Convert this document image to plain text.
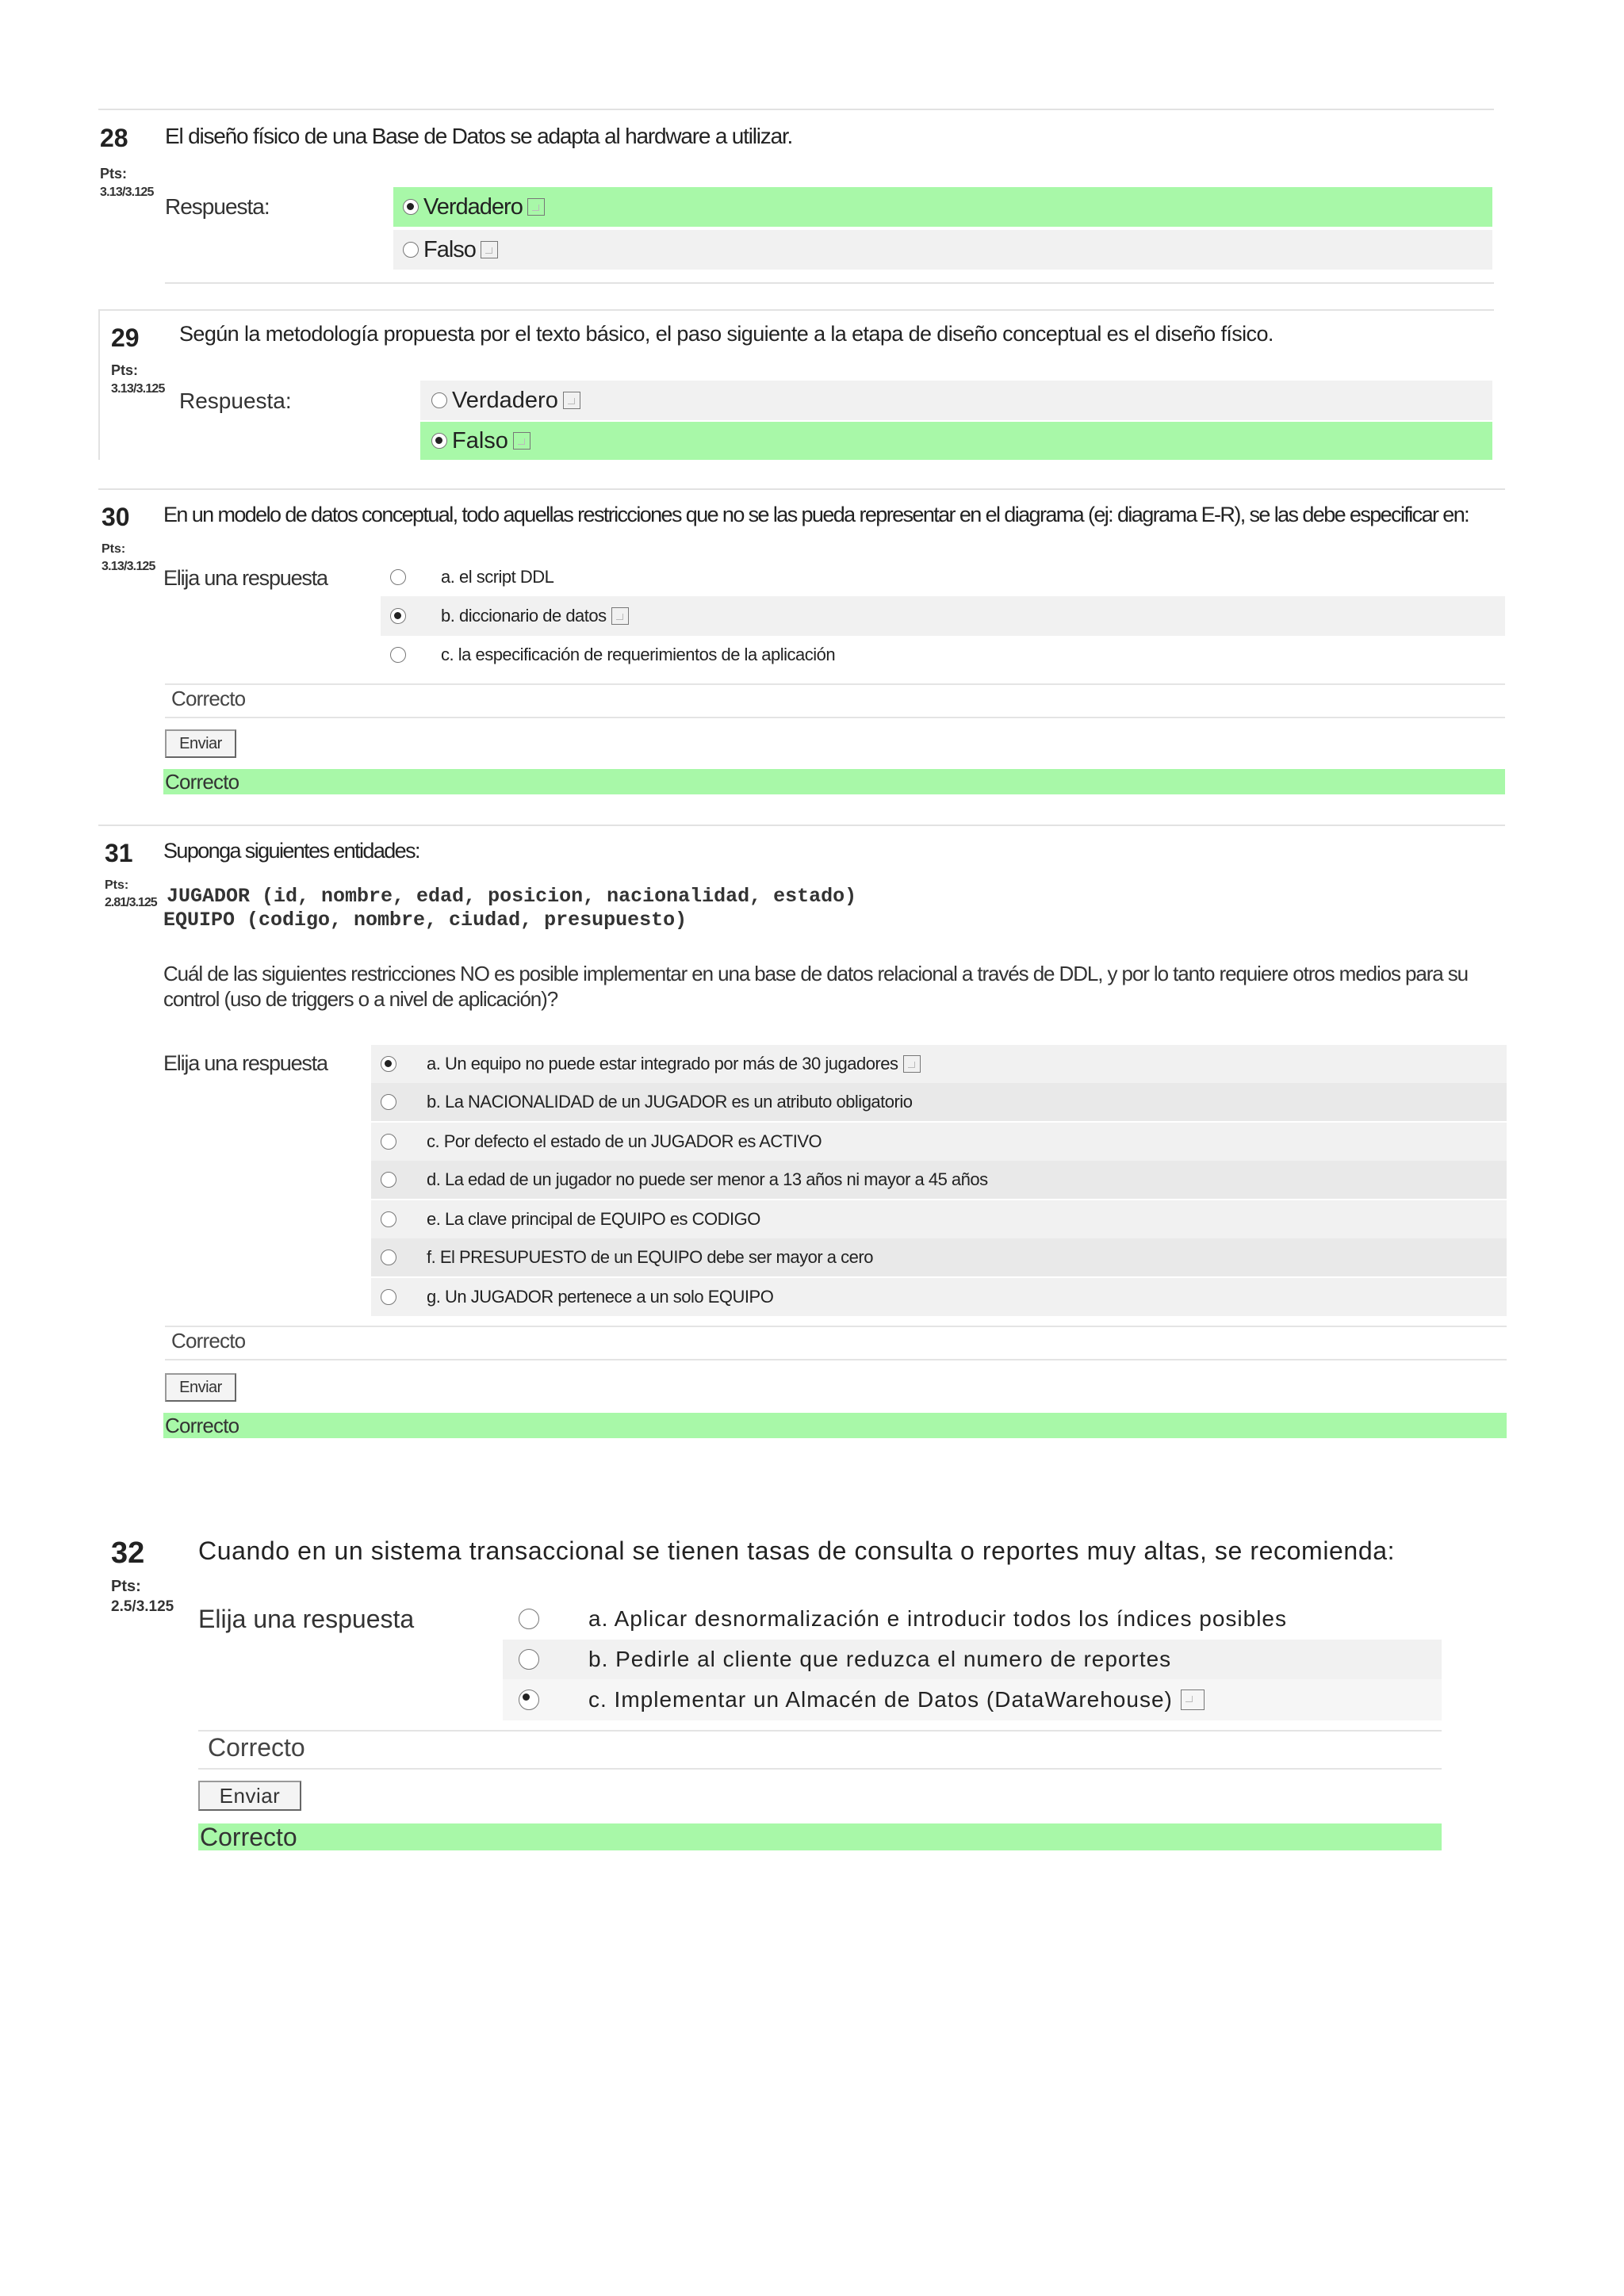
28 El diseño físico de una Base de Datos se adapta al hardware a utilizar.
Pts:
3.13/3.125
Respuesta:	Verdadero
Falso
29 Según la metodología propuesta por el texto básico, el paso siguiente a la etapa de diseño conceptual es el diseño físico.
Pts:
3.13/3.125 Respuesta:	Verdadero
Falso
30 En un modelo de datos conceptual, todo aquellas restricciones que no se las pueda representar en el diagrama (ej: diagrama E-R), se las debe especificar en:
Pts:
3.13/3.125 Elija una respuesta	a. el script DDL
b. diccionario de datos
c. la especificación de requerimientos de la aplicación
Correcto
Enviar
Correcto
31 Suponga siguientes entidades:
Pts:
2.81/3.125 JUGADOR (id, nombre, edad, posicion, nacionalidad, estado)
EQUIPO (codigo, nombre, ciudad, presupuesto)
Cuál de las siguientes restricciones NO es posible implementar en una base de datos relacional a través de DDL, y por lo tanto requiere otros medios para su control (uso de triggers o a nivel de aplicación)?
Elija una respuesta	a. Un equipo no puede estar integrado por más de 30 jugadores
b. La NACIONALIDAD de un JUGADOR es un atributo obligatorio
c. Por defecto el estado de un JUGADOR es ACTIVO
d. La edad de un jugador no puede ser menor a 13 años ni mayor a 45 años
e. La clave principal de EQUIPO es CODIGO
f. El PRESUPUESTO de un EQUIPO debe ser mayor a cero
g. Un JUGADOR pertenece a un solo EQUIPO
Correcto
Enviar
Correcto
32 Cuando en un sistema transaccional se tienen tasas de consulta o reportes muy altas, se recomienda:
Pts:
2.5/3.125 Elija una respuesta	a. Aplicar desnormalización e introducir todos los índices posibles
b. Pedirle al cliente que reduzca el numero de reportes
c. Implementar un Almacén de Datos (DataWarehouse)
Correcto
Enviar
Correcto
